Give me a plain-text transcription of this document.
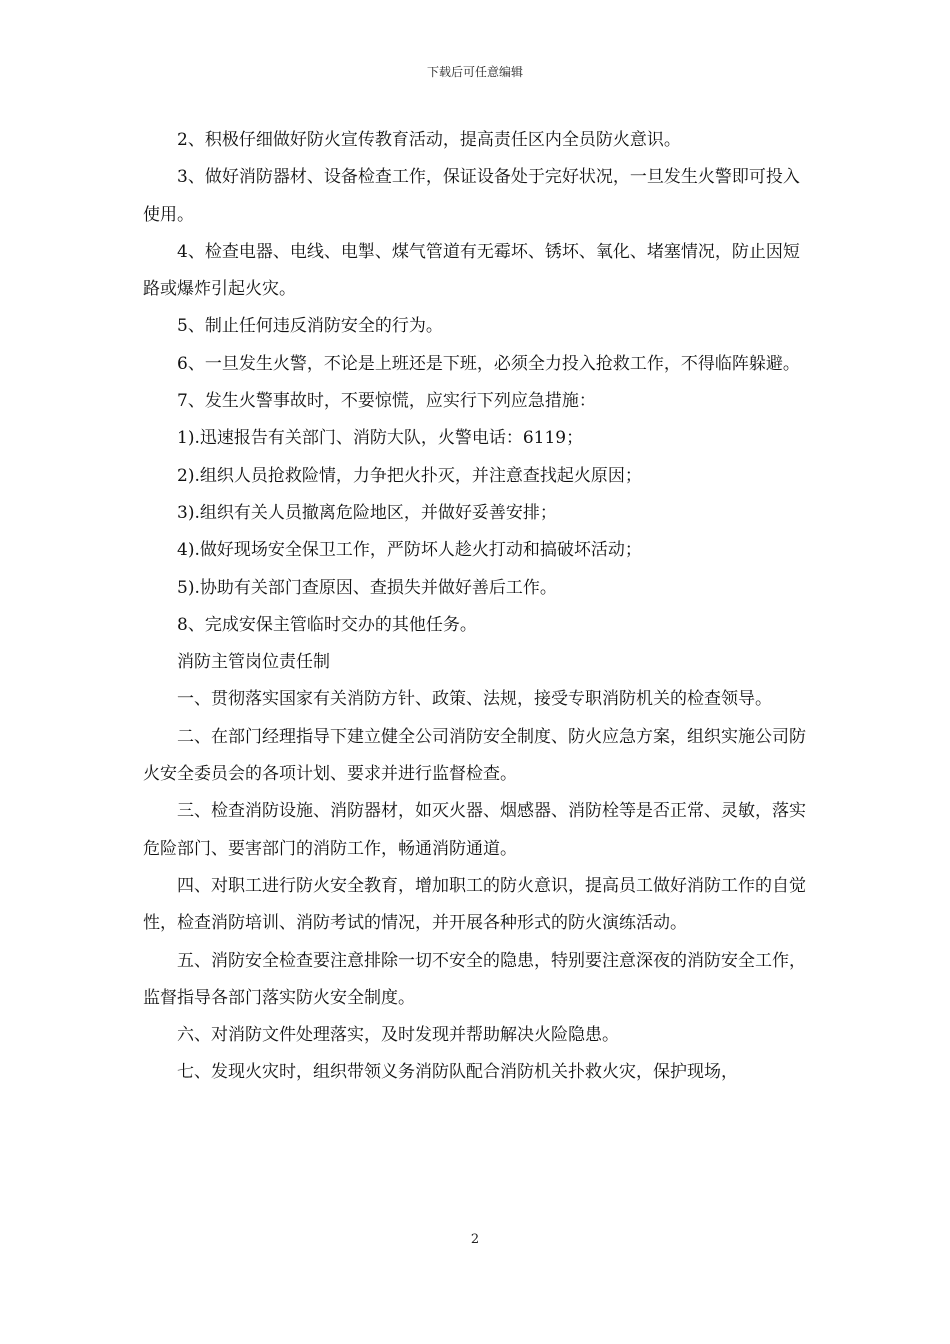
下载后可任意编辑

2、积极仔细做好防火宣传教育活动，提高责任区内全员防火意识。

3、做好消防器材、设备检查工作，保证设备处于完好状况，一旦发生火警即可投入使用。

4、检查电器、电线、电掣、煤气管道有无霉坏、锈坏、氧化、堵塞情况，防止因短路或爆炸引起火灾。

5、制止任何违反消防安全的行为。

6、一旦发生火警，不论是上班还是下班，必须全力投入抢救工作，不得临阵躲避。

7、发生火警事故时，不要惊慌，应实行下列应急措施：

1).迅速报告有关部门、消防大队，火警电话：6119；

2).组织人员抢救险情，力争把火扑灭，并注意查找起火原因；

3).组织有关人员撤离危险地区，并做好妥善安排；

4).做好现场安全保卫工作，严防坏人趁火打动和搞破坏活动；

5).协助有关部门查原因、查损失并做好善后工作。

8、完成安保主管临时交办的其他任务。

消防主管岗位责任制

一、贯彻落实国家有关消防方针、政策、法规，接受专职消防机关的检查领导。

二、在部门经理指导下建立健全公司消防安全制度、防火应急方案，组织实施公司防火安全委员会的各项计划、要求并进行监督检查。

三、检查消防设施、消防器材，如灭火器、烟感器、消防栓等是否正常、灵敏，落实危险部门、要害部门的消防工作，畅通消防通道。

四、对职工进行防火安全教育，增加职工的防火意识，提高员工做好消防工作的自觉性，检查消防培训、消防考试的情况，并开展各种形式的防火演练活动。

五、消防安全检查要注意排除一切不安全的隐患，特别要注意深夜的消防安全工作，监督指导各部门落实防火安全制度。

六、对消防文件处理落实，及时发现并帮助解决火险隐患。

七、发现火灾时，组织带领义务消防队配合消防机关扑救火灾，保护现场，

2
